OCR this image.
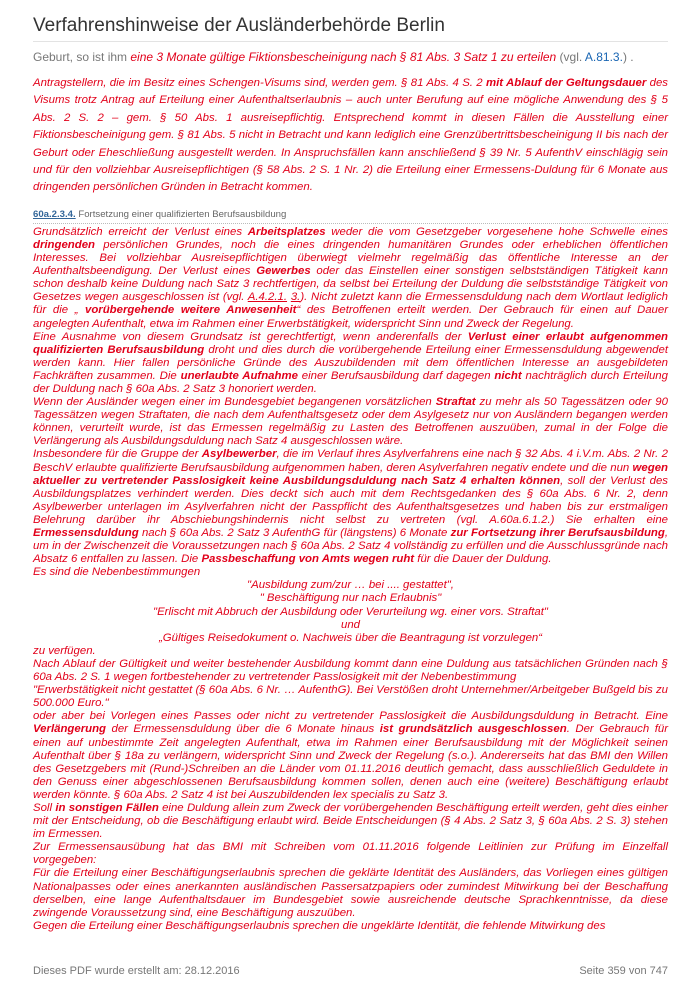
Verfahrenshinweise der Ausländerbehörde Berlin
Geburt, so ist ihm eine 3 Monate gültige Fiktionsbescheinigung nach § 81 Abs. 3 Satz 1 zu erteilen (vgl. A.81.3.) .
Antragstellern, die im Besitz eines Schengen-Visums sind, werden gem. § 81 Abs. 4 S. 2 mit Ablauf der Geltungsdauer des Visums trotz Antrag auf Erteilung einer Aufenthaltserlaubnis – auch unter Berufung auf eine mögliche Anwendung des § 5 Abs. 2 S. 2 – gem. § 50 Abs. 1 ausreisepflichtig. Entsprechend kommt in diesen Fällen die Ausstellung einer Fiktionsbescheinigung gem. § 81 Abs. 5 nicht in Betracht und kann lediglich eine Grenzübertrittsbescheinigung II bis nach der Geburt oder Eheschließung ausgestellt werden. In Anspruchsfällen kann anschließend § 39 Nr. 5 AufenthV einschlägig sein und für den vollziehbar Ausreisepflichtigen (§ 58 Abs. 2 S. 1 Nr. 2) die Erteilung einer Ermessens-Duldung für 6 Monate aus dringenden persönlichen Gründen in Betracht kommen.
60a.2.3.4. Fortsetzung einer qualifizierten Berufsausbildung

Grundsätzlich erreicht der Verlust eines Arbeitsplatzes weder die vom Gesetzgeber vorgesehene hohe Schwelle eines dringenden persönlichen Grundes, noch die eines dringenden humanitären Grundes oder erheblichen öffentlichen Interesses. Bei vollziehbar Ausreisepflichtigen überwiegt vielmehr regelmäßig das öffentliche Interesse an der Aufenthaltsbeendigung. Der Verlust eines Gewerbes oder das Einstellen einer sonstigen selbstständigen Tätigkeit kann schon deshalb keine Duldung nach Satz 3 rechtfertigen, da selbst bei Erteilung der Duldung die selbstständige Tätigkeit von Gesetzes wegen ausgeschlossen ist (vgl. A.4.2.1. 3.). Nicht zuletzt kann die Ermessensduldung nach dem Wortlaut lediglich für die „ vorübergehende weitere Anwesenheit“ des Betroffenen erteilt werden. Der Gebrauch für einen auf Dauer angelegten Aufenthalt, etwa im Rahmen einer Erwerbstätigkeit, widerspricht Sinn und Zweck der Regelung.

Eine Ausnahme von diesem Grundsatz ist gerechtfertigt, wenn anderenfalls der Verlust einer erlaubt aufgenommen qualifizierten Berufsausbildung droht und dies durch die vorübergehende Erteilung einer Ermessensduldung abgewendet werden kann. Hier fallen persönliche Gründe des Auszubildenden mit dem öffentlichen Interesse an ausgebildeten Fachkräften zusammen. Die unerlaubte Aufnahme einer Berufsausbildung darf dagegen nicht nachträglich durch Erteilung der Duldung nach § 60a Abs. 2 Satz 3 honoriert werden.

Wenn der Ausländer wegen einer im Bundesgebiet begangenen vorsätzlichen Straftat zu mehr als 50 Tagessätzen oder 90 Tagessätzen wegen Straftaten, die nach dem Aufenthaltsgesetz oder dem Asylgesetz nur von Ausländern begangen werden können, verurteilt wurde, ist das Ermessen regelmäßig zu Lasten des Betroffenen auszuüben, zumal in der Folge die Verlängerung als Ausbildungsduldung nach Satz 4 ausgeschlossen wäre.

Insbesondere für die Gruppe der Asylbewerber, die im Verlauf ihres Asylverfahrens eine nach § 32 Abs. 4 i.V.m. Abs. 2 Nr. 2 BeschV erlaubte qualifizierte Berufsausbildung aufgenommen haben, deren Asylverfahren negativ endete und die nun wegen aktueller zu vertretender Passlosigkeit keine Ausbildungsduldung nach Satz 4 erhalten können, soll der Verlust des Ausbildungsplatzes verhindert werden. Dies deckt sich auch mit dem Rechtsgedanken des § 60a Abs. 6 Nr. 2, denn Asylbewerber unterlagen im Asylverfahren nicht der Passpflicht des Aufenthaltsgesetzes und haben bis zur erstmaligen Belehrung darüber ihr Abschiebungshindernis nicht selbst zu vertreten (vgl. A.60a.6.1.2.) Sie erhalten eine Ermessensduldung nach § 60a Abs. 2 Satz 3 AufenthG für (längstens) 6 Monate zur Fortsetzung ihrer Berufsausbildung, um in der Zwischenzeit die Voraussetzungen nach § 60a Abs. 2 Satz 4 vollständig zu erfüllen und die Ausschlussgründe nach Absatz 6 entfallen zu lassen. Die Passbeschaffung von Amts wegen ruht für die Dauer der Duldung.

Es sind die Nebenbestimmungen

"Ausbildung zum/zur … bei .... gestattet",

" Beschäftigung nur nach Erlaubnis"

"Erlischt mit Abbruch der Ausbildung oder Verurteilung wg. einer vors. Straftat"

und

„Gültiges Reisedokument o. Nachweis über die Beantragung ist vorzulegen“

zu verfügen.

Nach Ablauf der Gültigkeit und weiter bestehender Ausbildung kommt dann eine Duldung aus tatsächlichen Gründen nach § 60a Abs. 2 S. 1 wegen fortbestehender zu vertretender Passlosigkeit mit der Nebenbestimmung

"Erwerbstätigkeit nicht gestattet (§ 60a Abs. 6 Nr. … AufenthG). Bei Verstößen droht Unternehmer/Arbeitgeber Bußgeld bis zu 500.000 Euro."

oder aber bei Vorlegen eines Passes oder nicht zu vertretender Passlosigkeit die Ausbildungsduldung in Betracht. Eine Verlängerung der Ermessensduldung über die 6 Monate hinaus ist grundsätzlich ausgeschlossen. Der Gebrauch für einen auf unbestimmte Zeit angelegten Aufenthalt, etwa im Rahmen einer Berufsausbildung mit der Möglichkeit seinen Aufenthalt über § 18a zu verlängern, widerspricht Sinn und Zweck der Regelung (s.o.). Andererseits hat das BMI den Willen des Gesetzgebers mit (Rund-)Schreiben an die Länder vom 01.11.2016 deutlich gemacht, dass ausschließlich Geduldete in den Genuss einer abgeschlossenen Berufsausbildung kommen sollen, denen auch eine (weitere) Beschäftigung erlaubt werden könnte. § 60a Abs. 2 Satz 4 ist bei Auszubildenden lex specialis zu Satz 3.

Soll in sonstigen Fällen eine Duldung allein zum Zweck der vorübergehenden Beschäftigung erteilt werden, geht dies einher mit der Entscheidung, ob die Beschäftigung erlaubt wird. Beide Entscheidungen (§ 4 Abs. 2 Satz 3, § 60a Abs. 2 S. 3) stehen im Ermessen.

Zur Ermessensausübung hat das BMI mit Schreiben vom 01.11.2016 folgende Leitlinien zur Prüfung im Einzelfall vorgegeben:

Für die Erteilung einer Beschäftigungserlaubnis sprechen die geklärte Identität des Ausländers, das Vorliegen eines gültigen Nationalpasses oder eines anerkannten ausländischen Passersatzpapiers oder zumindest Mitwirkung bei der Beschaffung derselben, eine lange Aufenthaltsdauer im Bundesgebiet sowie ausreichende deutsche Sprachkenntnisse, da diese zwingende Voraussetzung sind, eine Beschäftigung auszuüben.

Gegen die Erteilung einer Beschäftigungserlaubnis sprechen die ungeklärte Identität, die fehlende Mitwirkung des

Dieses PDF wurde erstellt am: 28.12.2016	Seite 359 von 747
